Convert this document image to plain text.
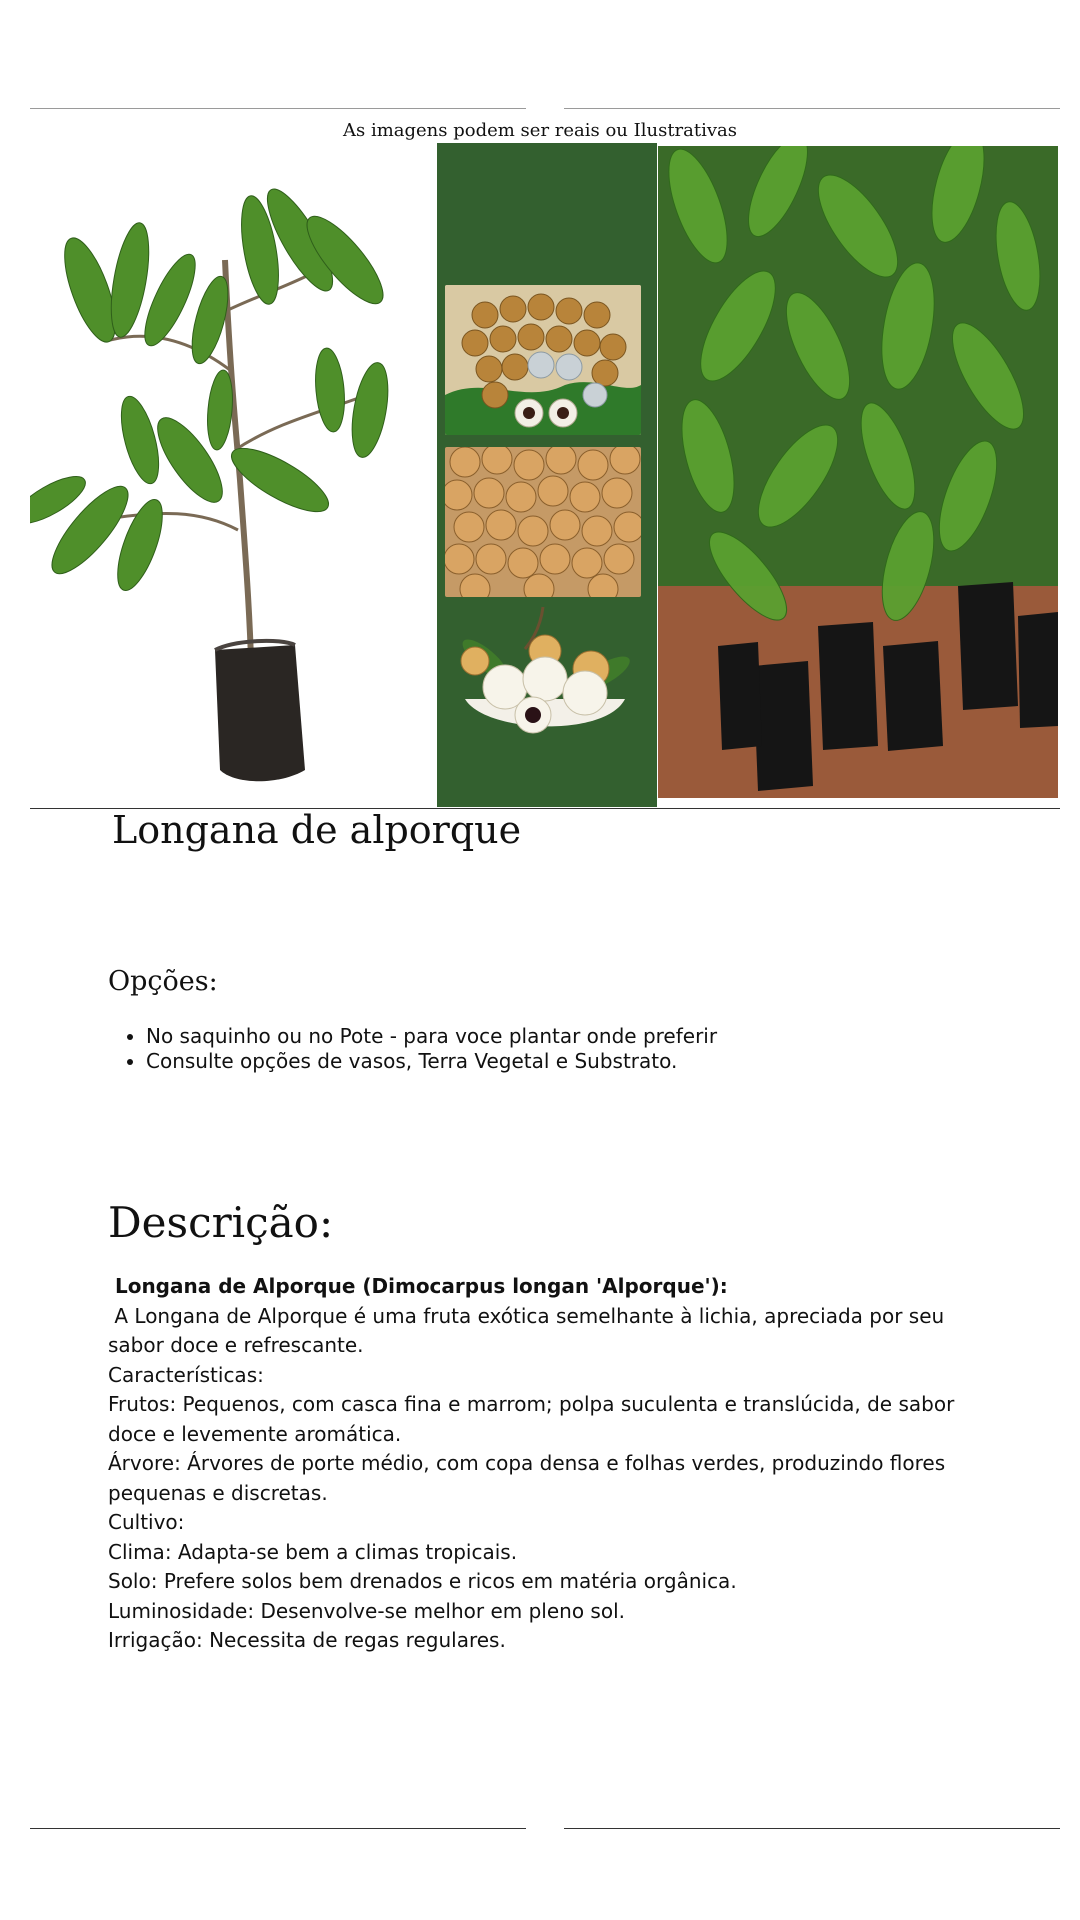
As imagens podem ser reais ou Ilustrativas
Longana de alporque
Opções:
• No saquinho ou no Pote - para voce plantar onde preferir
• Consulte opções de vasos, Terra Vegetal e Substrato.
Descrição:
Longana de Alporque (Dimocarpus longan 'Alporque'):
A Longana de Alporque é uma fruta exótica semelhante à lichia, apreciada por seu
sabor doce e refrescante.
Características:
Frutos: Pequenos, com casca fina e marrom; polpa suculenta e translúcida, de sabor
doce e levemente aromática.
Árvore: Árvores de porte médio, com copa densa e folhas verdes, produzindo flores
pequenas e discretas.
Cultivo:
Clima: Adapta-se bem a climas tropicais.
Solo: Prefere solos bem drenados e ricos em matéria orgânica.
Luminosidade: Desenvolve-se melhor em pleno sol.
Irrigação: Necessita de regas regulares.
